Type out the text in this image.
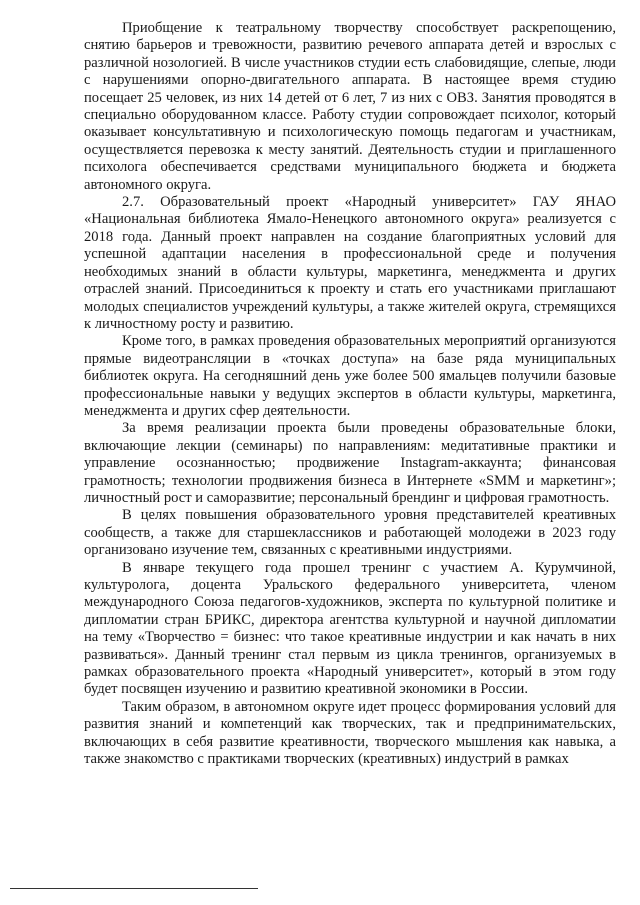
Приобщение к театральному творчеству способствует раскрепощению, снятию барьеров и тревожности, развитию речевого аппарата детей и взрослых с различной нозологией. В числе участников студии есть слабовидящие, слепые, люди с нарушениями опорно-двигательного аппарата. В настоящее время студию посещает 25 человек, из них 14 детей от 6 лет, 7 из них с ОВЗ. Занятия проводятся в специально оборудованном классе. Работу студии сопровождает психолог, который оказывает консультативную и психологическую помощь педагогам и участникам, осуществляется перевозка к месту занятий. Деятельность студии и приглашенного психолога обеспечивается средствами муниципального бюджета и бюджета автономного округа.

2.7. Образовательный проект «Народный университет» ГАУ ЯНАО «Национальная библиотека Ямало-Ненецкого автономного округа» реализуется с 2018 года. Данный проект направлен на создание благоприятных условий для успешной адаптации населения в профессиональной среде и получения необходимых знаний в области культуры, маркетинга, менеджмента и других отраслей знаний. Присоединиться к проекту и стать его участниками приглашают молодых специалистов учреждений культуры, а также жителей округа, стремящихся к личностному росту и развитию.

Кроме того, в рамках проведения образовательных мероприятий организуются прямые видеотрансляции в «точках доступа» на базе ряда муниципальных библиотек округа. На сегодняшний день уже более 500 ямальцев получили базовые профессиональные навыки у ведущих экспертов в области культуры, маркетинга, менеджмента и других сфер деятельности.

За время реализации проекта были проведены образовательные блоки, включающие лекции (семинары) по направлениям: медитативные практики и управление осознанностью; продвижение Instagram-аккаунта; финансовая грамотность; технологии продвижения бизнеса в Интернете «SMM и маркетинг»; личностный рост и саморазвитие; персональный брендинг и цифровая грамотность.

В целях повышения образовательного уровня представителей креативных сообществ, а также для старшеклассников и работающей молодежи в 2023 году организовано изучение тем, связанных с креативными индустриями.

В январе текущего года прошел тренинг с участием А. Курумчиной, культуролога, доцента Уральского федерального университета, членом международного Союза педагогов-художников, эксперта по культурной политике и дипломатии стран БРИКС, директора агентства культурной и научной дипломатии на тему «Творчество = бизнес: что такое креативные индустрии и как начать в них развиваться». Данный тренинг стал первым из цикла тренингов, организуемых в рамках образовательного проекта «Народный университет», который в этом году будет посвящен изучению и развитию креативной экономики в России.

Таким образом, в автономном округе идет процесс формирования условий для развития знаний и компетенций как творческих, так и предпринимательских, включающих в себя развитие креативности, творческого мышления как навыка, а также знакомство с практиками творческих (креативных) индустрий в рамках
